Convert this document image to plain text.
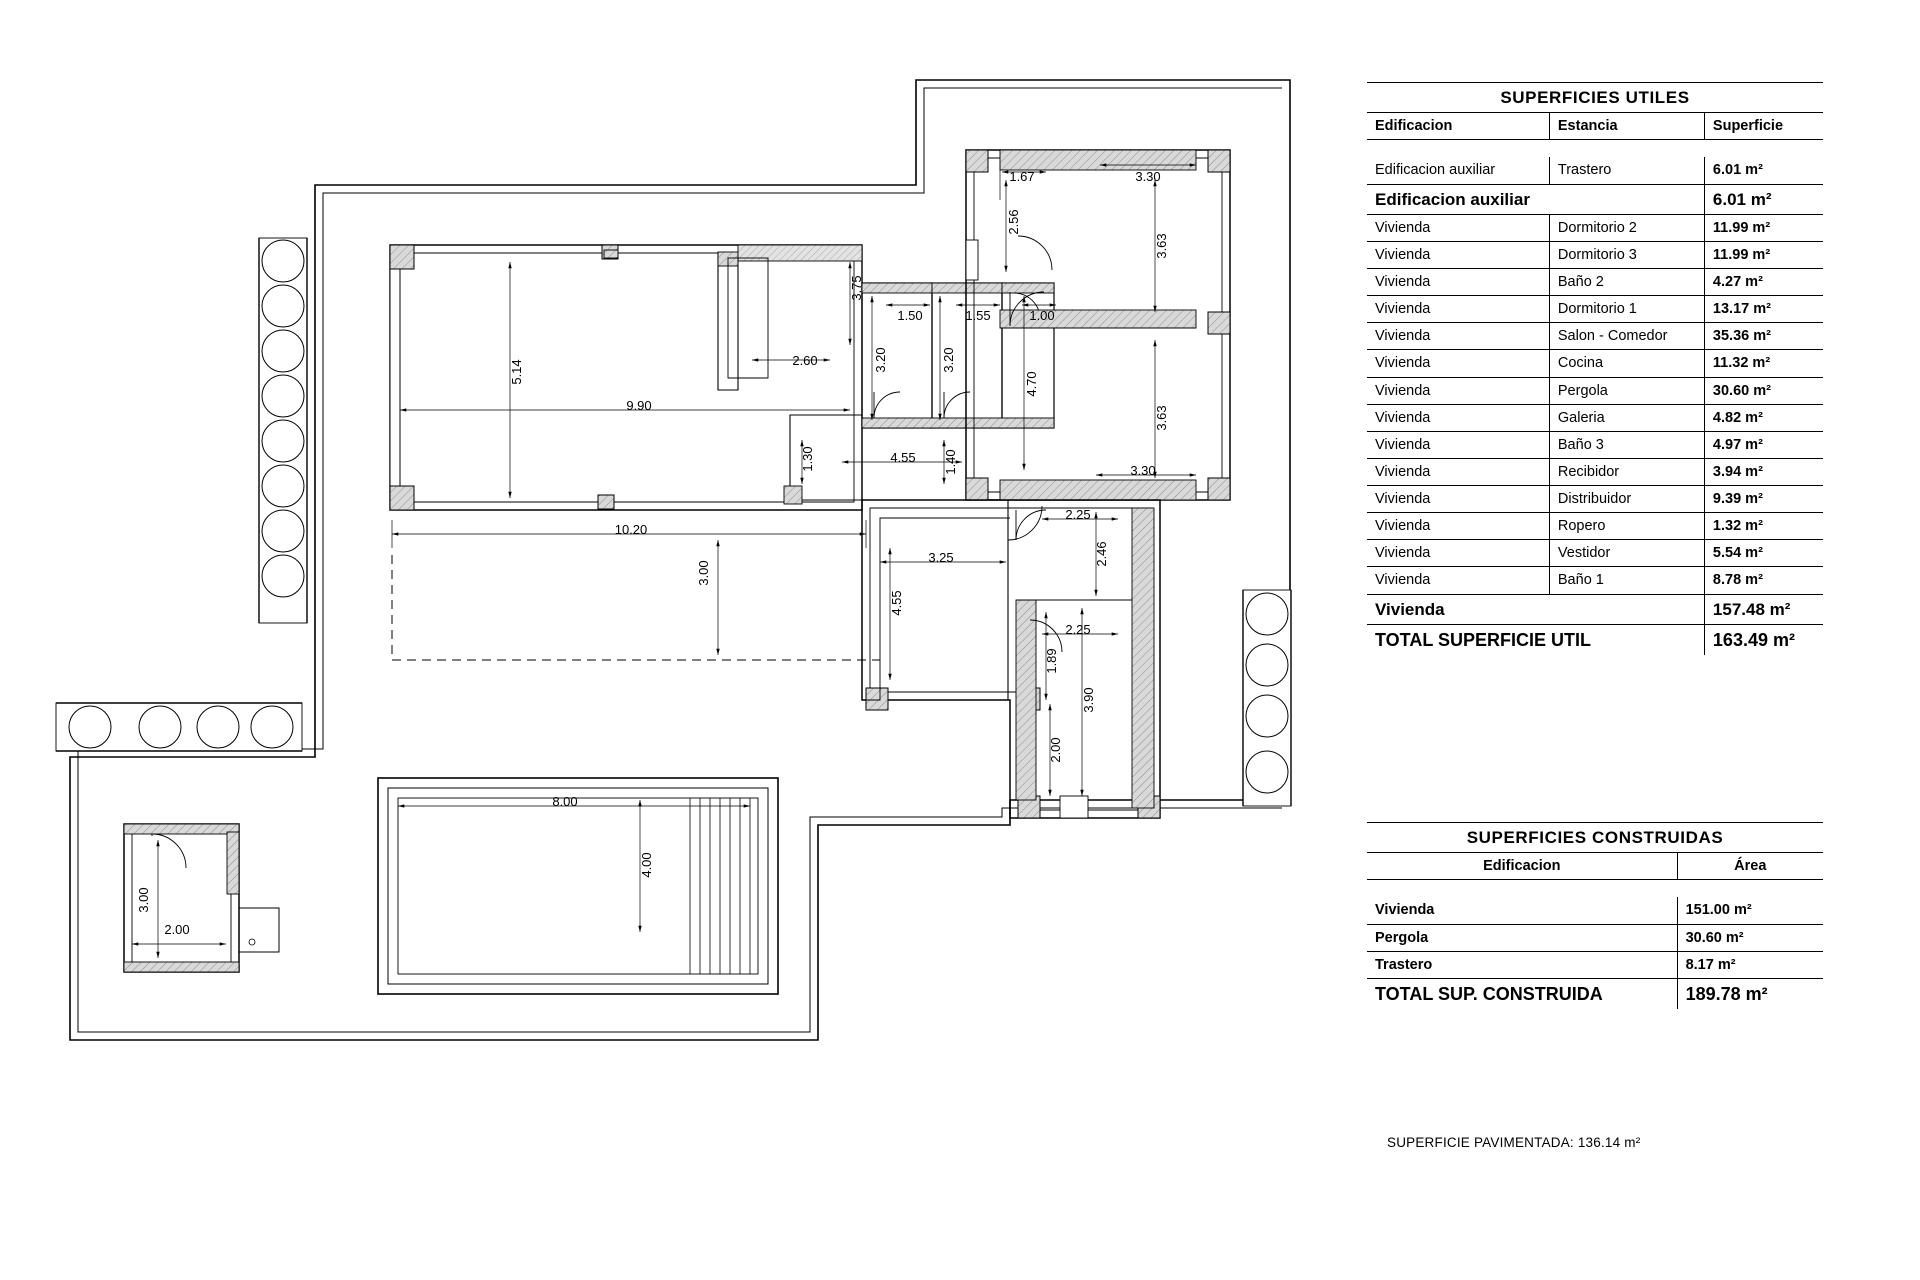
1.67	3.30
2.56
3.63
3.75
1.50	1.55	1.00
5.14	2.60	3.20	3.20
4.70
3.63
9.90
1.30	4.55 1.40	3.30
10.20
2.25
2.46
3.00
3.25
4.55
2.25
1.89
3.90
2.00
8.00
4.00
3.00
2.00
SUPERFICIES UTILES		
Edificacion	Estancia	Superficie

Edificacion auxiliar	Trastero	6.01 m²
Edificacion auxiliar		6.01 m²
Vivienda	Dormitorio 2	11.99 m²
Vivienda	Dormitorio 3	11.99 m²
Vivienda	Baño 2	4.27 m²
Vivienda	Dormitorio 1	13.17 m²
Vivienda	Salon - Comedor	35.36 m²
Vivienda	Cocina	11.32 m²
Vivienda	Pergola	30.60 m²
Vivienda	Galeria	4.82 m²
Vivienda	Baño 3	4.97 m²
Vivienda	Recibidor	3.94 m²
Vivienda	Distribuidor	9.39 m²
Vivienda	Ropero	1.32 m²
Vivienda	Vestidor	5.54 m²
Vivienda	Baño 1	8.78 m²
Vivienda		157.48 m²
TOTAL SUPERFICIE UTIL		163.49 m²
SUPERFICIES CONSTRUIDAS	
Edificacion	Área

Vivienda	151.00 m²
Pergola	30.60 m²
Trastero	8.17 m²
TOTAL SUP. CONSTRUIDA	189.78 m²
SUPERFICIE PAVIMENTADA: 136.14 m²
